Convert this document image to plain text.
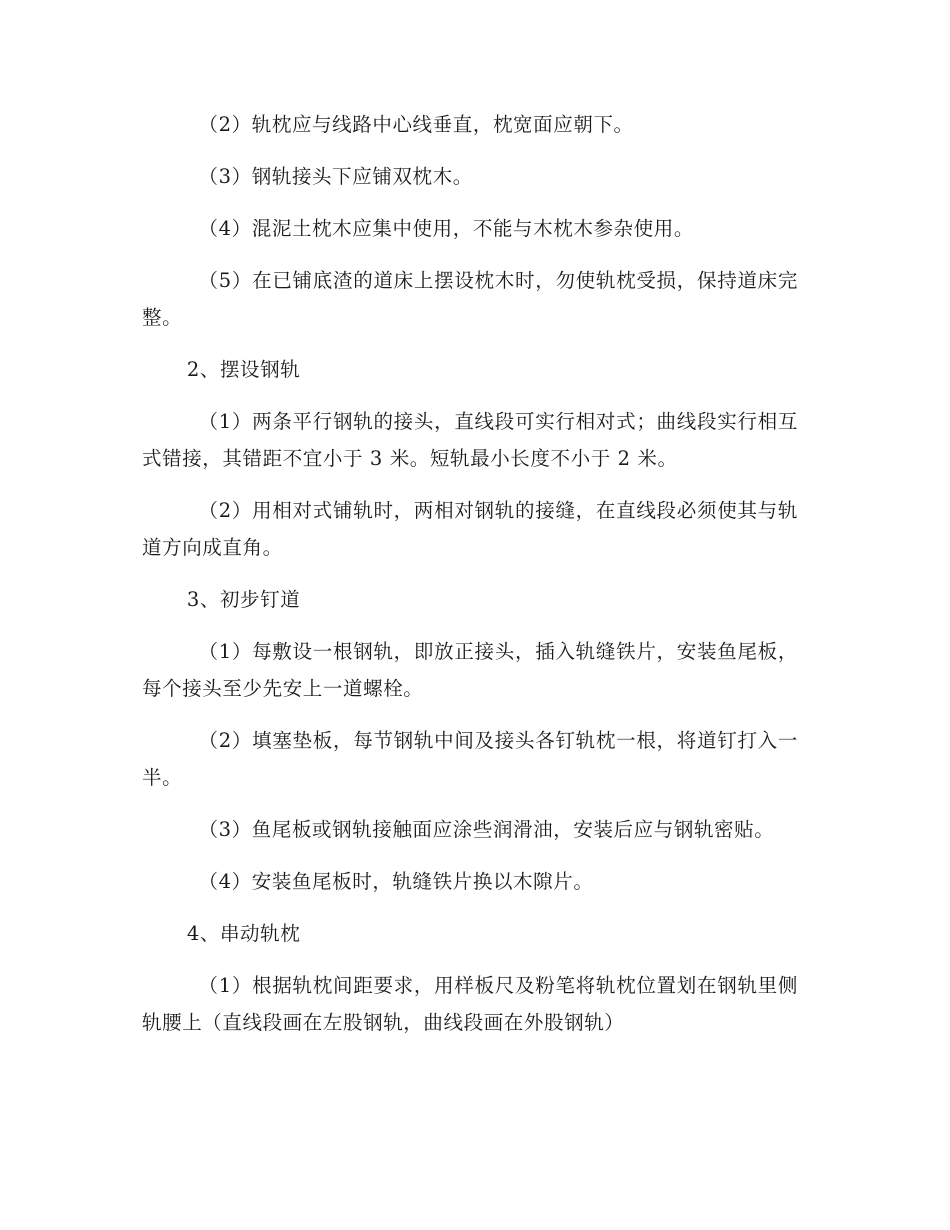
（2）轨枕应与线路中心线垂直，枕宽面应朝下。

（3）钢轨接头下应铺双枕木。

（4）混泥土枕木应集中使用，不能与木枕木参杂使用。

（5）在已铺底渣的道床上摆设枕木时，勿使轨枕受损，保持道床完整。

2、摆设钢轨

（1）两条平行钢轨的接头，直线段可实行相对式；曲线段实行相互式错接，其错距不宜小于 3 米。短轨最小长度不小于 2 米。

（2）用相对式铺轨时，两相对钢轨的接缝，在直线段必须使其与轨道方向成直角。

3、初步钉道

（1）每敷设一根钢轨，即放正接头，插入轨缝铁片，安装鱼尾板，每个接头至少先安上一道螺栓。

（2）填塞垫板，每节钢轨中间及接头各钉轨枕一根，将道钉打入一半。

（3）鱼尾板或钢轨接触面应涂些润滑油，安装后应与钢轨密贴。

（4）安装鱼尾板时，轨缝铁片换以木隙片。

4、串动轨枕

（1）根据轨枕间距要求，用样板尺及粉笔将轨枕位置划在钢轨里侧轨腰上（直线段画在左股钢轨，曲线段画在外股钢轨）
